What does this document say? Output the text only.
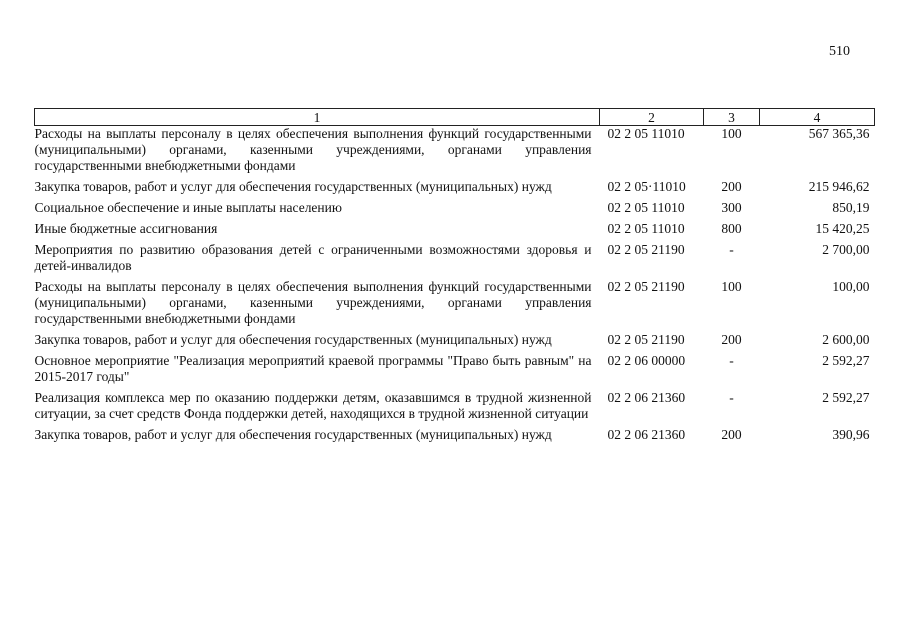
510
1	2	3	4
Расходы на выплаты персоналу в целях обеспечения выполнения функций государственными (муниципальными) органами, казенными учреждениями, органами управления государственными внебюджетными фондами	02 2 05 11010	100	567 365,36
Закупка товаров, работ и услуг для обеспечения государственных (муниципальных) нужд	02 2 05·11010	200	215 946,62
Социальное обеспечение и иные выплаты населению	02 2 05 11010	300	850,19
Иные бюджетные ассигнования	02 2 05 11010	800	15 420,25
Мероприятия по развитию образования детей с ограниченными возможностями здоровья и детей-инвалидов	02 2 05 21190	-	2 700,00
Расходы на выплаты персоналу в целях обеспечения выполнения функций государственными (муниципальными) органами, казенными учреждениями, органами управления государственными внебюджетными фондами	02 2 05 21190	100	100,00
Закупка товаров, работ и услуг для обеспечения государственных (муниципальных) нужд	02 2 05 21190	200	2 600,00
Основное мероприятие "Реализация мероприятий краевой программы "Право быть равным" на 2015-2017 годы"	02 2 06 00000	-	2 592,27
Реализация комплекса мер по оказанию поддержки детям, оказавшимся в трудной жизненной ситуации, за счет средств Фонда поддержки детей, находящихся в трудной жизненной ситуации	02 2 06 21360	-	2 592,27
Закупка товаров, работ и услуг для обеспечения государственных (муниципальных) нужд	02 2 06 21360	200	390,96
